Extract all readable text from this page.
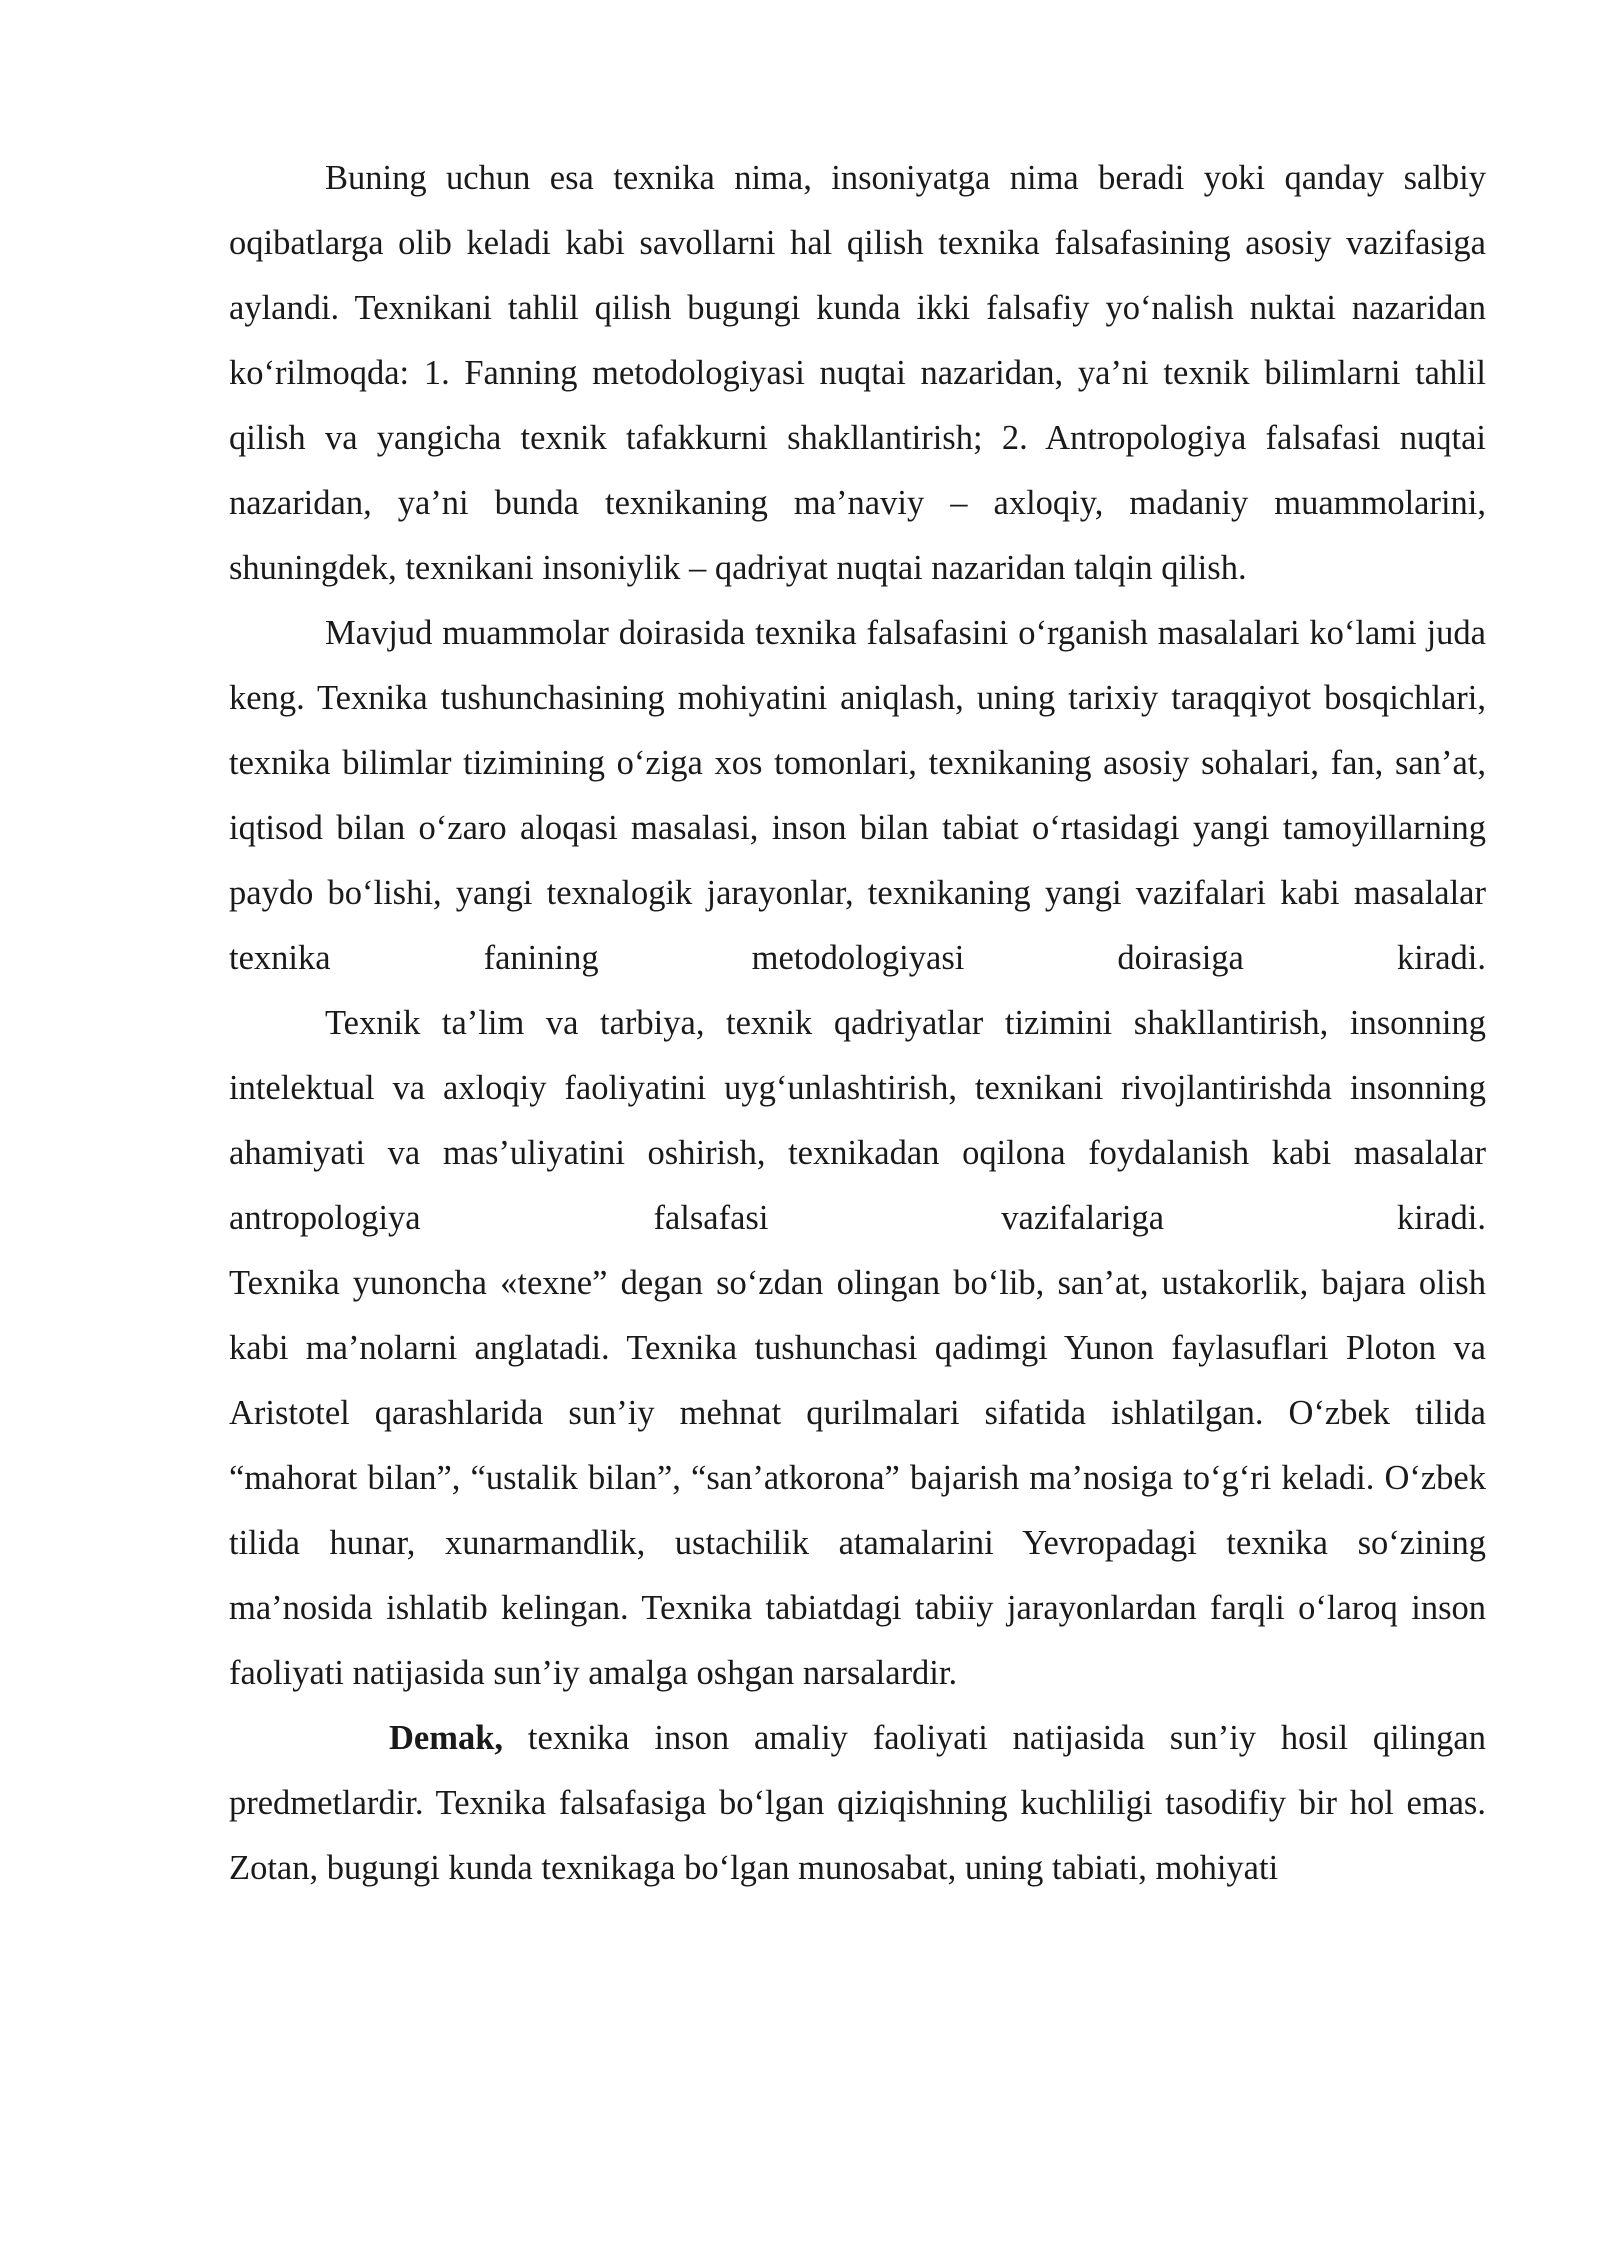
Buning uchun esa texnika nima, insoniyatga nima beradi yoki qanday salbiy oqibatlarga olib keladi kabi savollarni hal qilish texnika falsafasining asosiy vazifasiga aylandi. Texnikani tahlil qilish bugungi kunda ikki falsafiy yo‘nalish nuktai nazaridan ko‘rilmoqda: 1. Fanning metodologiyasi nuqtai nazaridan, ya’ni texnik bilimlarni tahlil qilish va yangicha texnik tafakkurni shakllantirish; 2. Antropologiya falsafasi nuqtai nazaridan, ya’ni bunda texnikaning ma’naviy – axloqiy, madaniy muammolarini, shuningdek, texnikani insoniylik – qadriyat nuqtai nazaridan talqin qilish.

Mavjud muammolar doirasida texnika falsafasini o‘rganish masalalari ko‘lami juda keng. Texnika tushunchasining mohiyatini aniqlash, uning tarixiy taraqqiyot bosqichlari, texnika bilimlar tizimining o‘ziga xos tomonlari, texnikaning asosiy sohalari, fan, san’at, iqtisod bilan o‘zaro aloqasi masalasi, inson bilan tabiat o‘rtasidagi yangi tamoyillarning paydo bo‘lishi, yangi texnalogik jarayonlar, texnikaning yangi vazifalari kabi masalalar texnika fanining metodologiyasi doirasiga kiradi.

Texnik ta’lim va tarbiya, texnik qadriyatlar tizimini shakllantirish, insonning intelektual va axloqiy faoliyatini uyg‘unlashtirish, texnikani rivojlantirishda insonning ahamiyati va mas’uliyatini oshirish, texnikadan oqilona foydalanish kabi masalalar antropologiya falsafasi vazifalariga kiradi.

Texnika yunoncha «texne” degan so‘zdan olingan bo‘lib, san’at, ustakorlik, bajara olish kabi ma’nolarni anglatadi. Texnika tushunchasi qadimgi Yunon faylasuflari Ploton va Aristotel qarashlarida sun’iy mehnat qurilmalari sifatida ishlatilgan. O‘zbek tilida “mahorat bilan”, “ustalik bilan”, “san’atkorona” bajarish ma’nosiga to‘g‘ri keladi. O‘zbek tilida hunar, xunarmandlik, ustachilik atamalarini Yevropadagi texnika so‘zining ma’nosida ishlatib kelingan. Texnika tabiatdagi tabiiy jarayonlardan farqli o‘laroq inson faoliyati natijasida sun’iy amalga oshgan narsalardir.

Demak, texnika inson amaliy faoliyati natijasida sun’iy hosil qilingan predmetlardir. Texnika falsafasiga bo‘lgan qiziqishning kuchliligi tasodifiy bir hol emas. Zotan, bugungi kunda texnikaga bo‘lgan munosabat, uning tabiati, mohiyati
